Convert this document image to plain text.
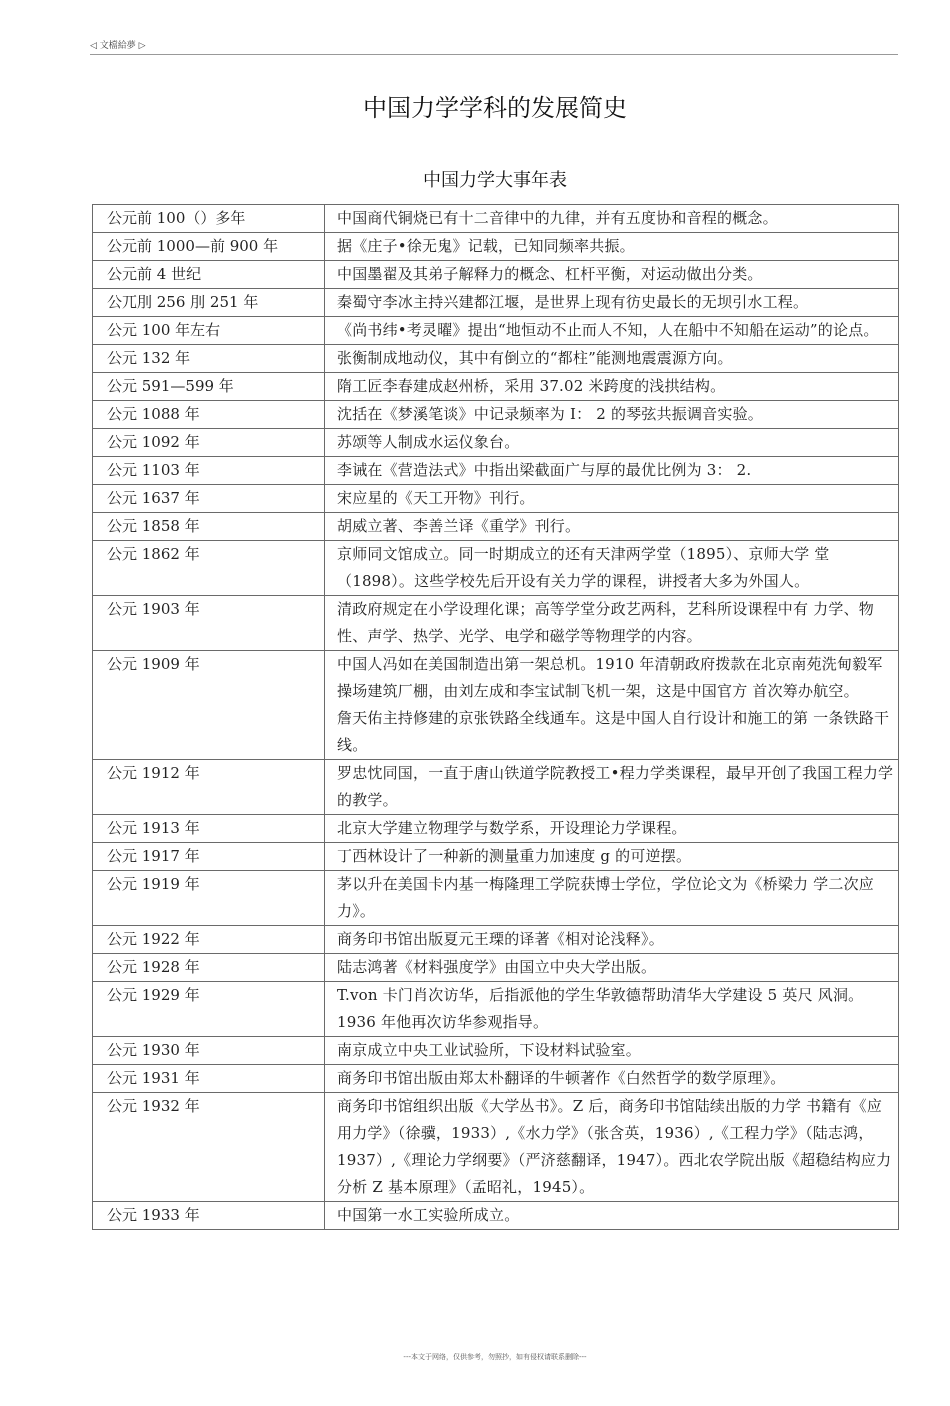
◁ 文檔給夢 ▷
中国力学学科的发展简史
中国力学大事年表
公元前 100（）多年	中国商代铜烧已有十二音律中的九律，并有五度协和音程的概念。
公元前 1000—前 900 年	据《庄子•徐无鬼》记载，已知同频率共振。
公元前 4 世纪	中国墨翟及其弟子解释力的概念、杠杆平衡，对运动做出分类。
公兀刖 256 刖 251 年	秦蜀守李冰主持兴建都江堰，是世界上现有彷史最长的无坝引水工程。
公元 100 年左右	《尚书纬•考灵曜》提出“地恒动不止而人不知，人在船中不知船在运动”的论点。
公元 132 年	张衡制成地动仪，其中有倒立的“都柱”能测地震震源方向。
公元 591—599 年	隋工匠李春建成赵州桥，采用 37.02 米跨度的浅拱结构。
公元 1088 年	沈括在《梦溪笔谈》中记录频率为 I： 2 的琴弦共振调音实验。
公元 1092 年	苏颂等人制成水运仪象台。
公元 1103 年	李诫在《营造法式》中指出梁截面广与厚的最优比例为 3： 2.
公元 1637 年	宋应星的《天工开物》刊行。
公元 1858 年	胡威立著、李善兰译《重学》刊行。
公元 1862 年	京师同文馆成立。同一时期成立的还有天津两学堂（1895）、京师大学 堂（1898）。这些学校先后开设有关力学的课程，讲授者大多为外国人。
公元 1903 年	清政府规定在小学设理化课；高等学堂分政艺两科，艺科所设课程中有 力学、物性、声学、热学、光学、电学和磁学等物理学的内容。
公元 1909 年	中国人冯如在美国制造出第一架总机。1910 年清朝政府拨款在北京南苑洗甸毅军操场建筑厂棚，由刘左成和李宝试制飞机一架，这是中国官方 首次筹办航空。
詹天佑主持修建的京张铁路全线通车。这是中国人自行设计和施工的第 一条铁路干线。

公元 1912 年	罗忠忱同国，一直于唐山铁道学院教授工•程力学类课程，最早开创了我国工程力学的教学。
公元 1913 年	北京大学建立物理学与数学系，开设理论力学课程。
公元 1917 年	丁西林设计了一种新的测量重力加速度 g 的可逆摆。
公元 1919 年	茅以升在美国卡内基一梅隆理工学院获博士学位，学位论文为《桥梁力 学二次应力》。
公元 1922 年	商务印书馆出版夏元王瑮的译著《相对论浅释》。
公元 1928 年	陆志鸿著《材料强度学》由国立中央大学出版。
公元 1929 年	T.von 卡门肖次访华，后指派他的学生华敦德帮助清华大学建设 5 英尺 风洞。1936 年他再次访华参观指导。
公元 1930 年	南京成立中央工业试验所，下设材料试验室。
公元 1931 年	商务印书馆出版由郑太朴翻译的牛顿著作《白然哲学的数学原理》。
公元 1932 年	商务印书馆组织出版《大学丛书》。Z 后，商务印书馆陆续出版的力学 书籍有《应用力学》（徐骥，1933）,《水力学》（张含英，1936）,《工程力学》（陆志鸿，1937）,《理论力学纲要》（严济慈翻译，1947）。西北农学院出版《超稳结构应力分析 Z 基本原理》（孟昭礼，1945）。
公元 1933 年	中国第一水工实验所成立。
---本文于网络，仅供参考，勿照抄，如有侵权请联系删除---
